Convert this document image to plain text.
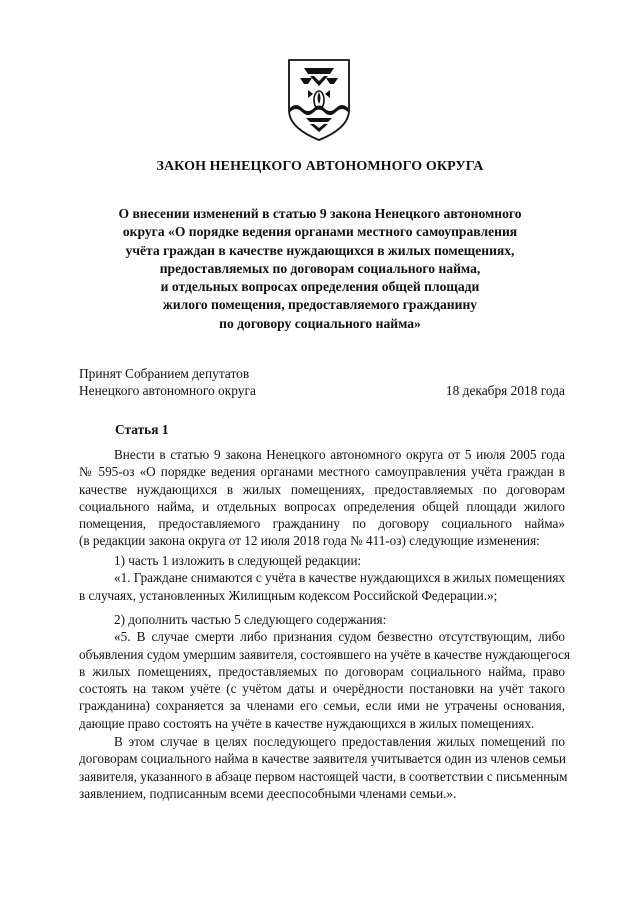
ЗАКОН НЕНЕЦКОГО АВТОНОМНОГО ОКРУГА
О внесении изменений в статью 9 закона Ненецкого автономного
округа «О порядке ведения органами местного самоуправления
учёта граждан в качестве нуждающихся в жилых помещениях,
предоставляемых по договорам социального найма,
и отдельных вопросах определения общей площади
жилого помещения, предоставляемого гражданину
по договору социального найма»
Принят Собранием депутатов
Ненецкого автономного округа	18 декабря 2018 года
Статья 1
Внести в статью 9 закона Ненецкого автономного округа от 5 июля 2005 года
№ 595-оз «О порядке ведения органами местного самоуправления учёта граждан в
качестве нуждающихся в жилых помещениях, предоставляемых по договорам
социального найма, и отдельных вопросах определения общей площади жилого
помещения, предоставляемого гражданину по договору социального найма»
(в редакции закона округа от 12 июля 2018 года № 411-оз) следующие изменения:
1) часть 1 изложить в следующей редакции:
«1. Граждане снимаются с учёта в качестве нуждающихся в жилых помещениях
в случаях, установленных Жилищным кодексом Российской Федерации.»;
2) дополнить частью 5 следующего содержания:
«5. В случае смерти либо признания судом безвестно отсутствующим, либо
объявления судом умершим заявителя, состоявшего на учёте в качестве нуждающегося
в жилых помещениях, предоставляемых по договорам социального найма, право
состоять на таком учёте (с учётом даты и очерёдности постановки на учёт такого
гражданина) сохраняется за членами его семьи, если ими не утрачены основания,
дающие право состоять на учёте в качестве нуждающихся в жилых помещениях.
В этом случае в целях последующего предоставления жилых помещений по
договорам социального найма в качестве заявителя учитывается один из членов семьи
заявителя, указанного в абзаце первом настоящей части, в соответствии с письменным
заявлением, подписанным всеми дееспособными членами семьи.».
